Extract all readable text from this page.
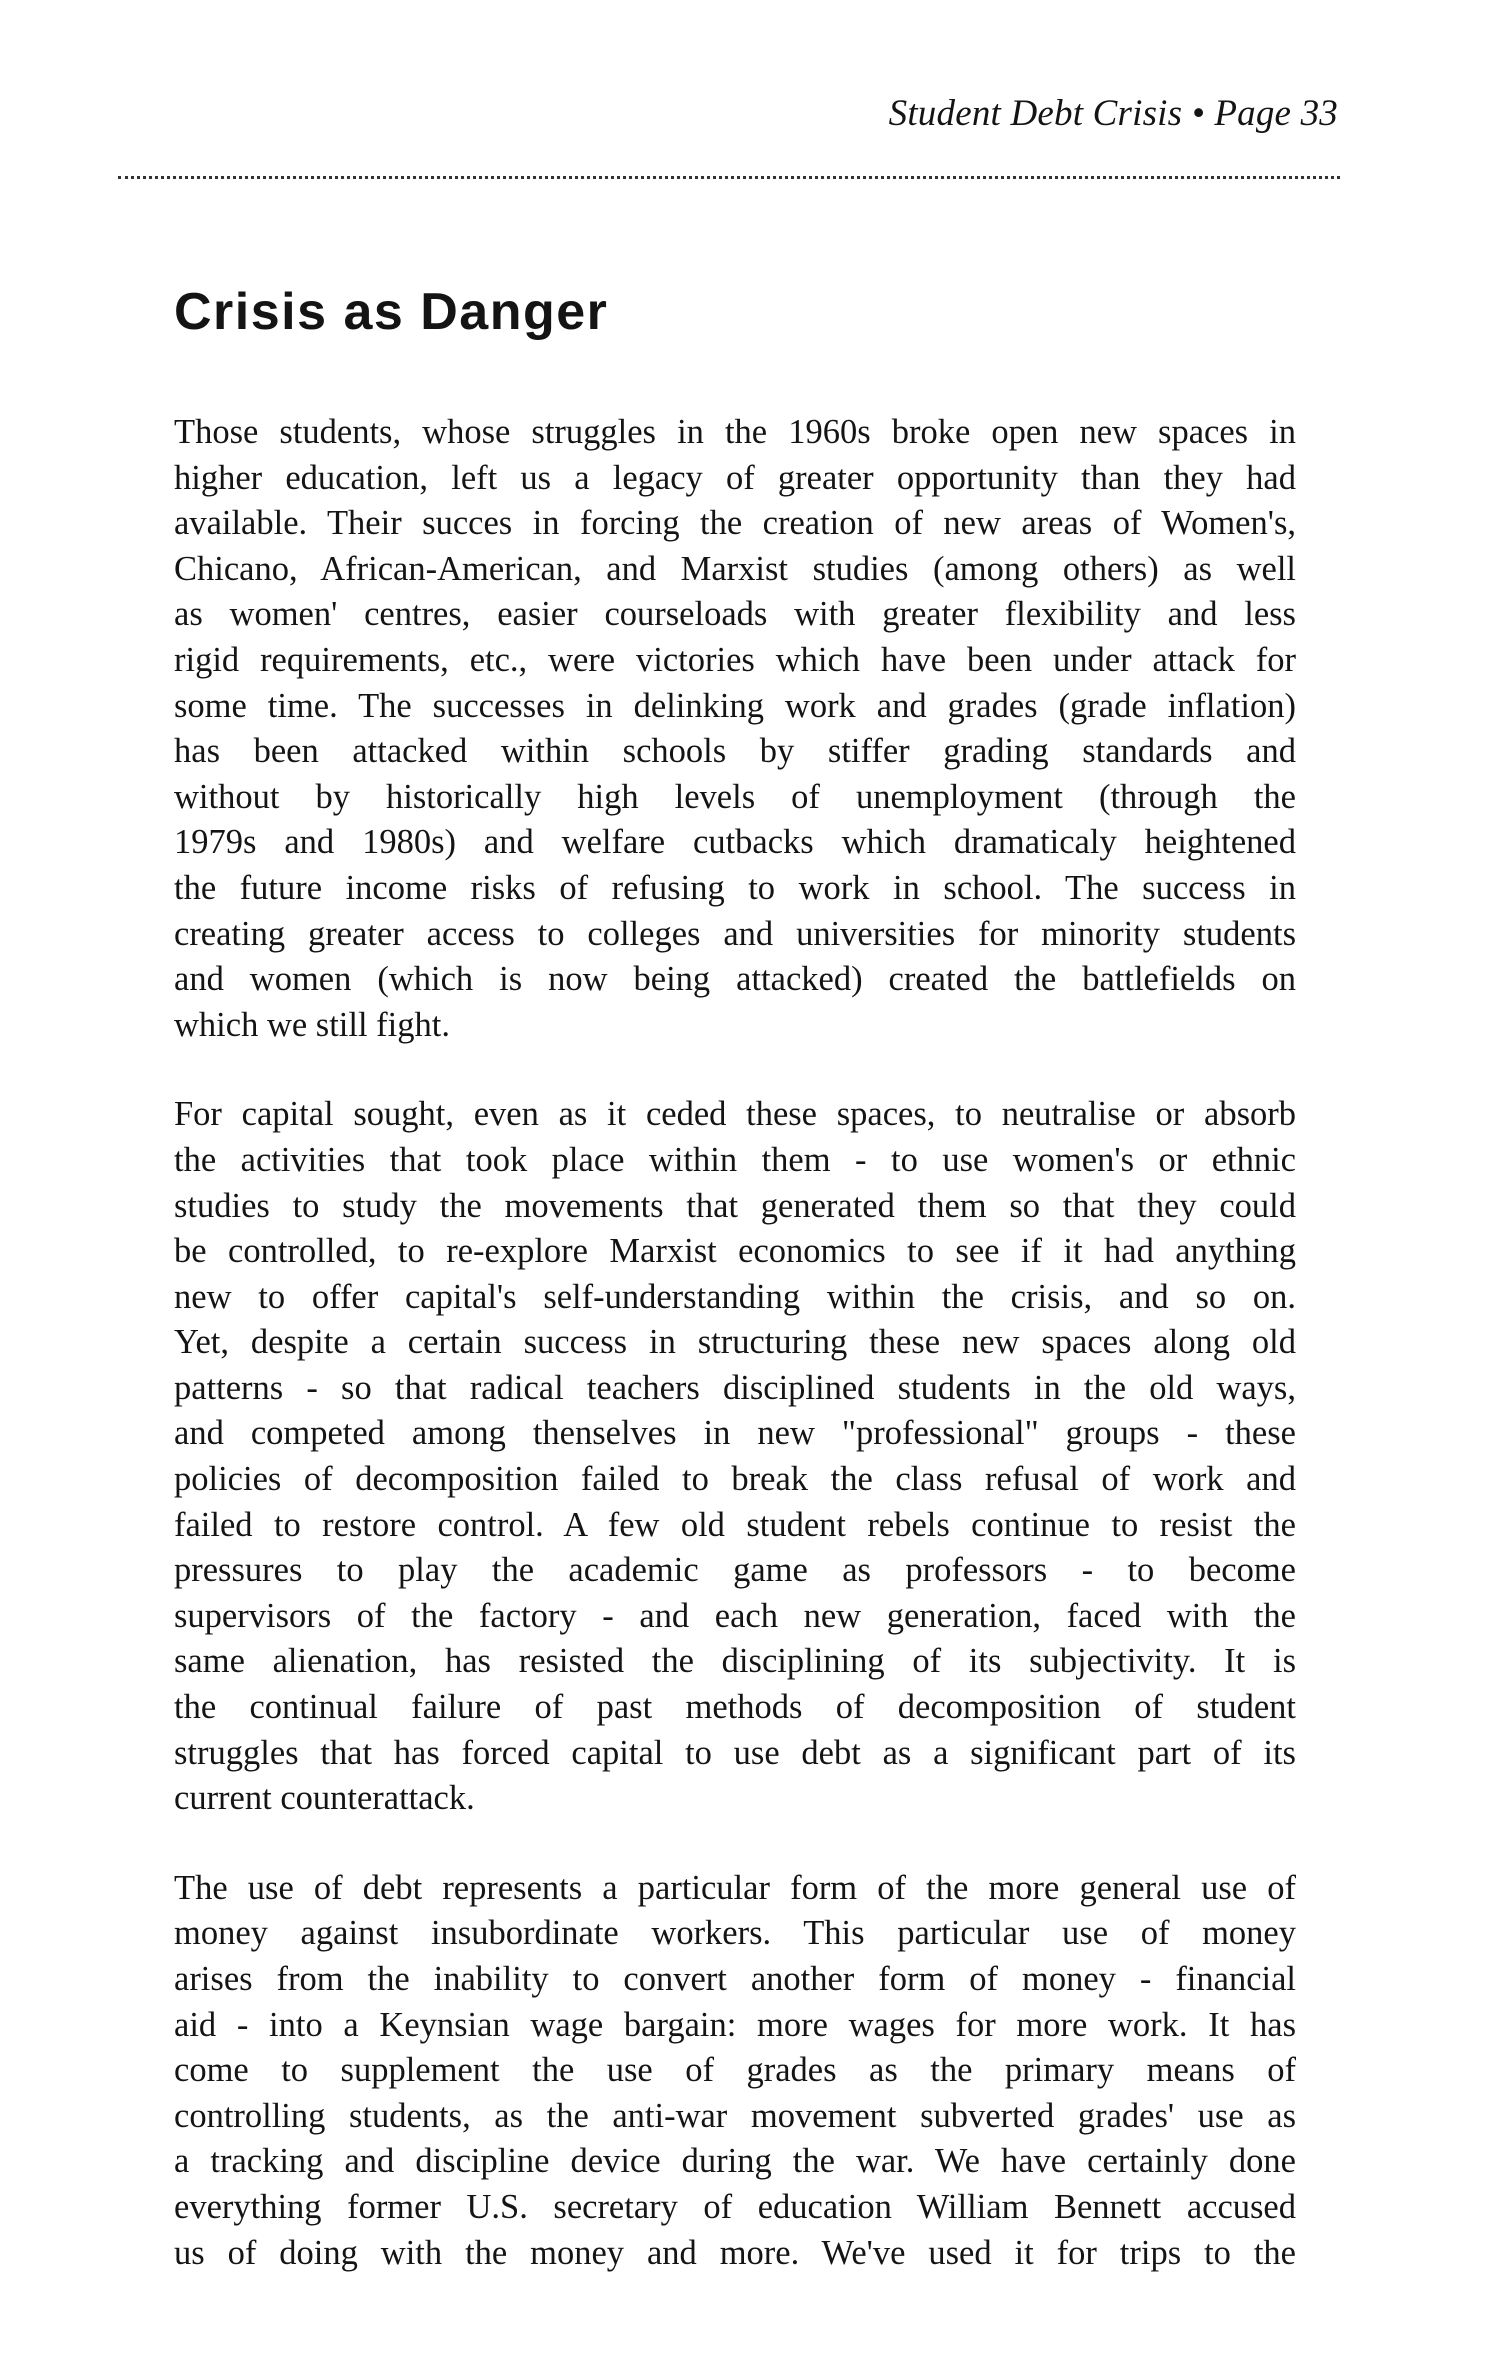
Student Debt Crisis • Page 33
Crisis as Danger

Those students, whose struggles in the 1960s broke open new spaces in
higher education, left us a legacy of greater opportunity than they had
available. Their succes in forcing the creation of new areas of Women's,
Chicano, African-American, and Marxist studies (among others) as well
as women' centres, easier courseloads with greater flexibility and less
rigid requirements, etc., were victories which have been under attack for
some time. The successes in delinking work and grades (grade inflation)
has been attacked within schools by stiffer grading standards and
without by historically high levels of unemployment (through the
1979s and 1980s) and welfare cutbacks which dramaticaly heightened
the future income risks of refusing to work in school. The success in
creating greater access to colleges and universities for minority students
and women (which is now being attacked) created the battlefields on
which we still fight.

For capital sought, even as it ceded these spaces, to neutralise or absorb
the activities that took place within them - to use women's or ethnic
studies to study the movements that generated them so that they could
be controlled, to re-explore Marxist economics to see if it had anything
new to offer capital's self-understanding within the crisis, and so on.
Yet, despite a certain success in structuring these new spaces along old
patterns - so that radical teachers disciplined students in the old ways,
and competed among thenselves in new "professional" groups - these
policies of decomposition failed to break the class refusal of work and
failed to restore control. A few old student rebels continue to resist the
pressures to play the academic game as professors - to become
supervisors of the factory - and each new generation, faced with the
same alienation, has resisted the disciplining of its subjectivity. It is
the continual failure of past methods of decomposition of student
struggles that has forced capital to use debt as a significant part of its
current counterattack.

The use of debt represents a particular form of the more general use of
money against insubordinate workers. This particular use of money
arises from the inability to convert another form of money - financial
aid - into a Keynsian wage bargain: more wages for more work. It has
come to supplement the use of grades as the primary means of
controlling students, as the anti-war movement subverted grades' use as
a tracking and discipline device during the war. We have certainly done
everything former U.S. secretary of education William Bennett accused
us of doing with the money and more. We've used it for trips to the
